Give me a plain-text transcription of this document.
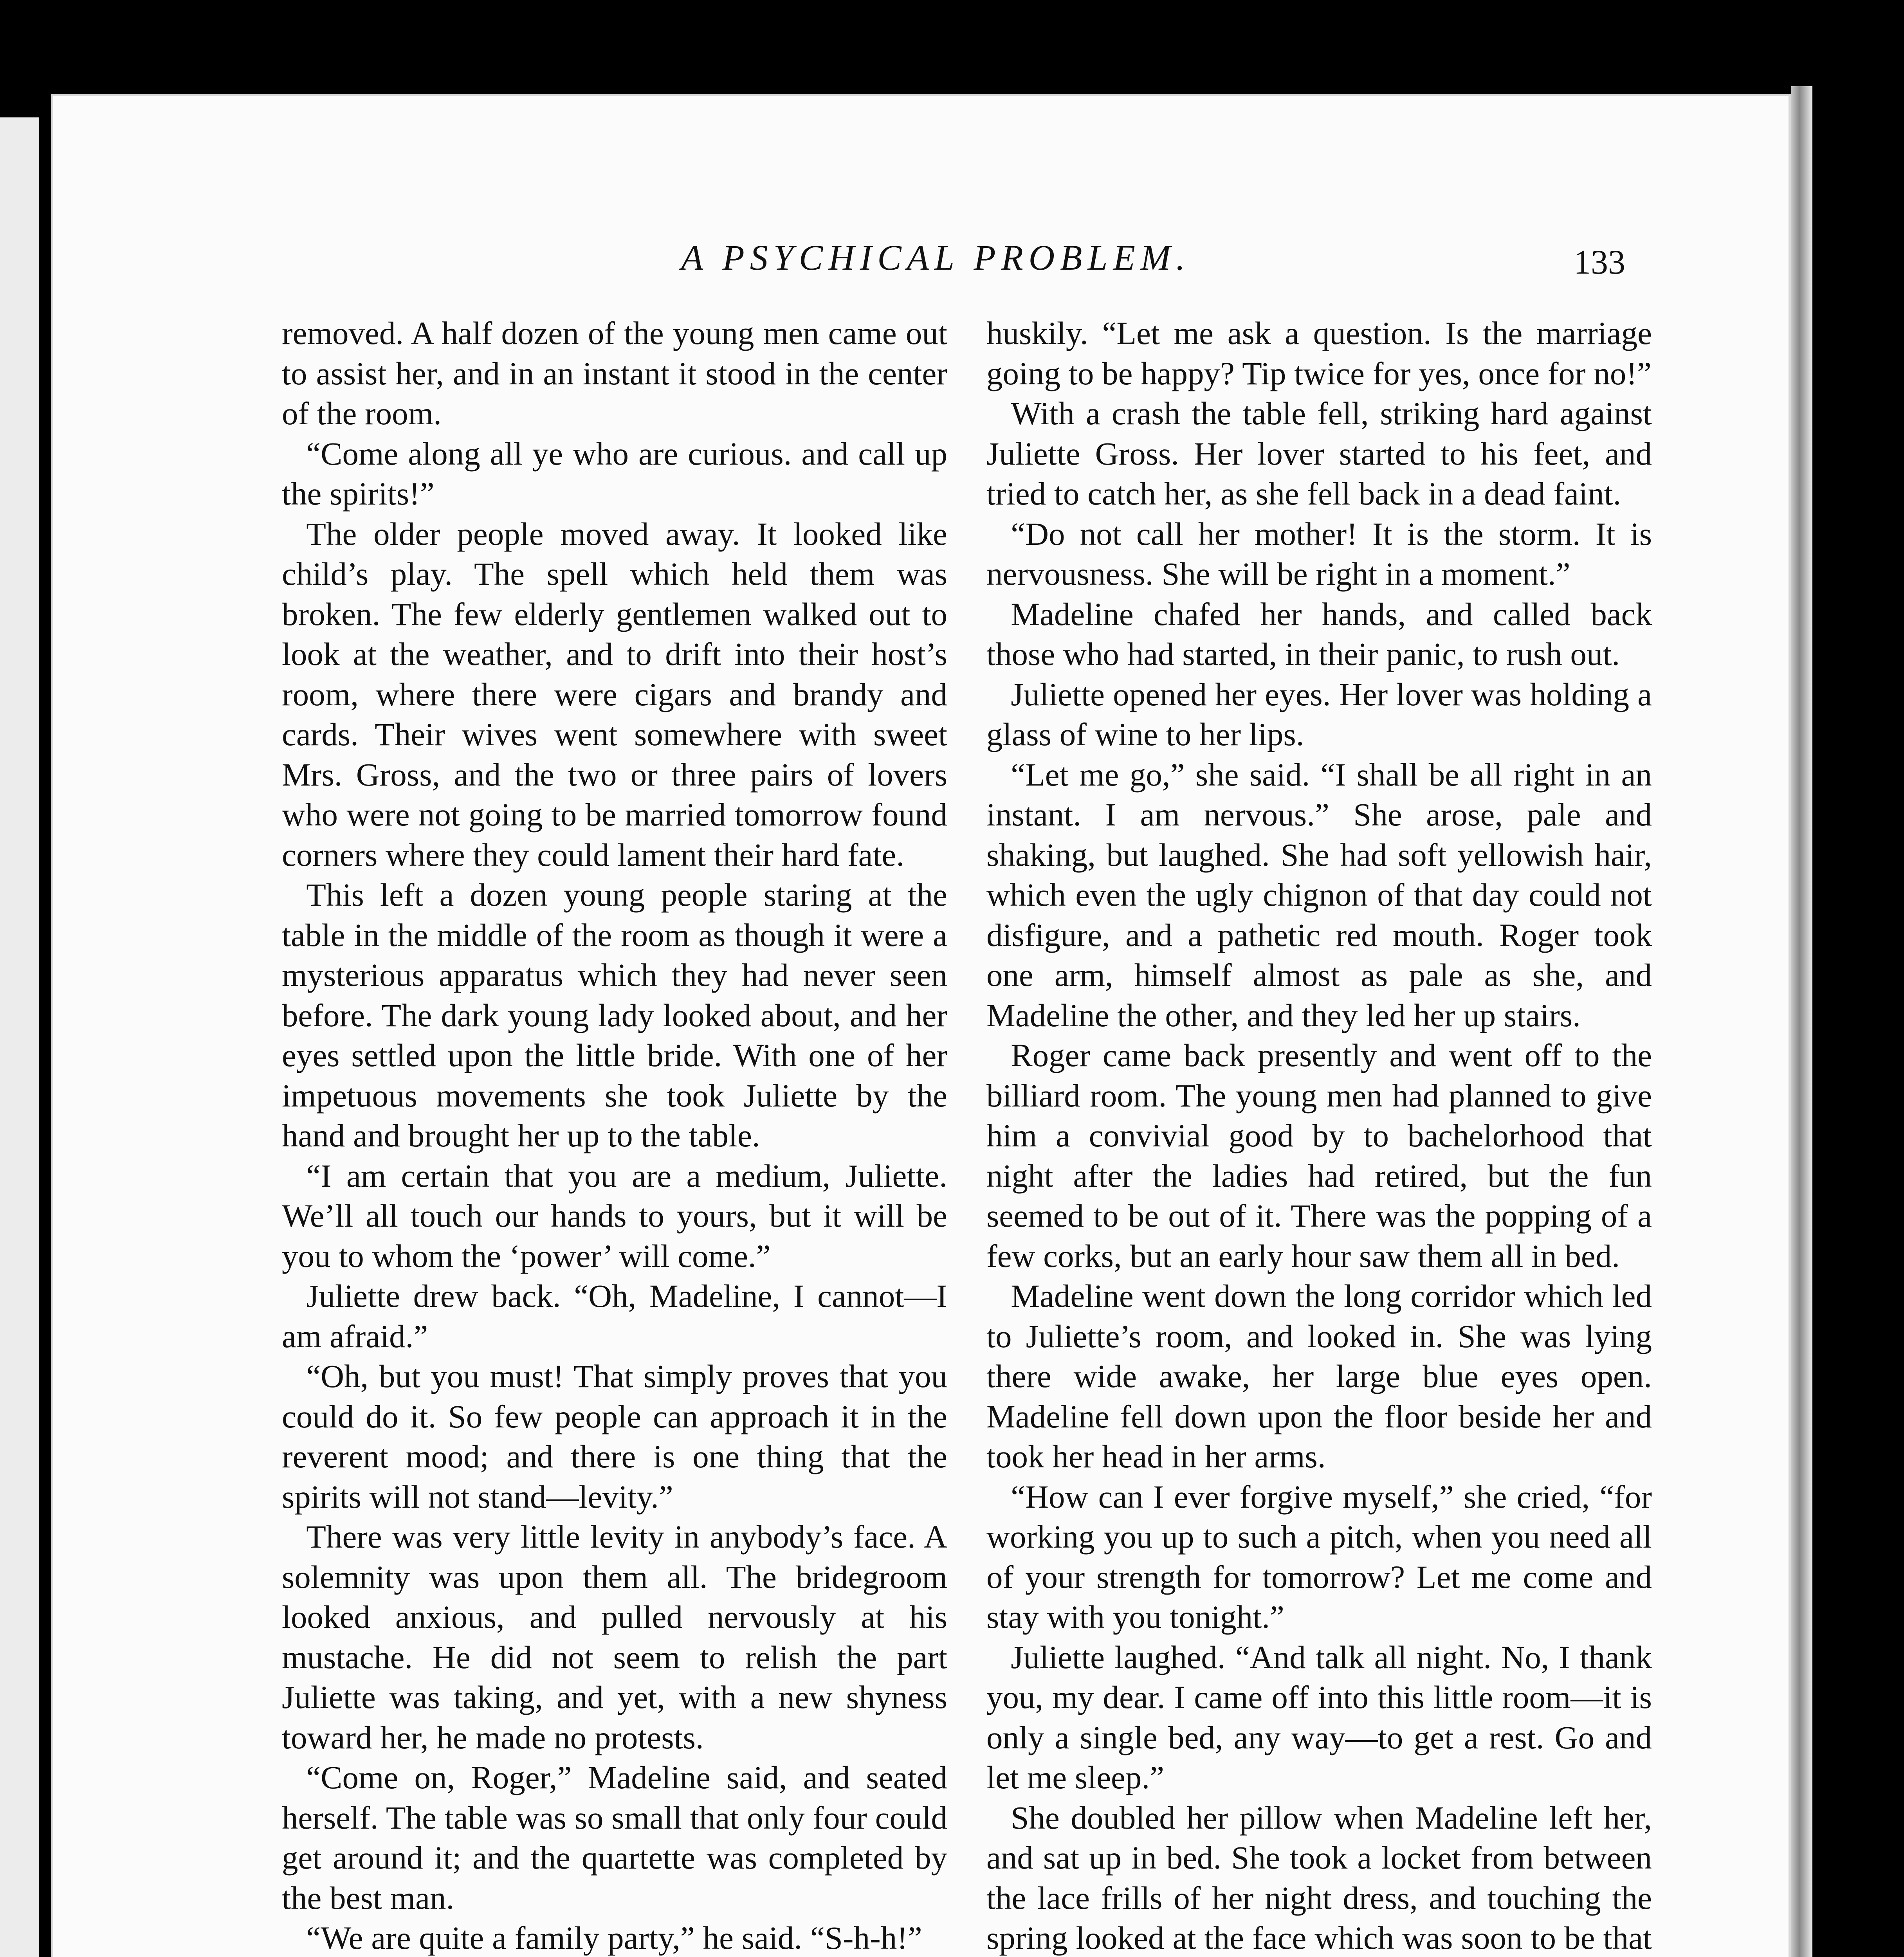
A PSYCHICAL PROBLEM.	133

removed. A half dozen of the young men came out to assist her, and in an instant it stood in the center of the room.

“Come along all ye who are curious. and call up the spirits!”

The older people moved away. It looked like child’s play. The spell which held them was broken. The few elderly gentlemen walked out to look at the weather, and to drift into their host’s room, where there were cigars and brandy and cards. Their wives went somewhere with sweet Mrs. Gross, and the two or three pairs of lovers who were not going to be married tomorrow found corners where they could lament their hard fate.

This left a dozen young people staring at the table in the middle of the room as though it were a mysterious apparatus which they had never seen before. The dark young lady looked about, and her eyes settled upon the little bride. With one of her impetuous movements she took Juliette by the hand and brought her up to the table.

“I am certain that you are a medium, Juliette. We’ll all touch our hands to yours, but it will be you to whom the ‘power’ will come.”

Juliette drew back. “Oh, Madeline, I cannot—I am afraid.”

“Oh, but you must! That simply proves that you could do it. So few people can approach it in the reverent mood; and there is one thing that the spirits will not stand—levity.”

There was very little levity in anybody’s face. A solemnity was upon them all. The bridegroom looked anxious, and pulled nervously at his mustache. He did not seem to relish the part Juliette was taking, and yet, with a new shyness toward her, he made no protests.

“Come on, Roger,” Madeline said, and seated herself. The table was so small that only four could get around it; and the quartette was completed by the best man.

“We are quite a family party,” he said. “S-h-h!”

huskily. “Let me ask a question. Is the marriage going to be happy? Tip twice for yes, once for no!”

With a crash the table fell, striking hard against Juliette Gross. Her lover started to his feet, and tried to catch her, as she fell back in a dead faint.

“Do not call her mother! It is the storm. It is nervousness. She will be right in a moment.”

Madeline chafed her hands, and called back those who had started, in their panic, to rush out.

Juliette opened her eyes. Her lover was holding a glass of wine to her lips.

“Let me go,” she said. “I shall be all right in an instant. I am nervous.” She arose, pale and shaking, but laughed. She had soft yellowish hair, which even the ugly chignon of that day could not disfigure, and a pathetic red mouth. Roger took one arm, himself almost as pale as she, and Madeline the other, and they led her up stairs.

Roger came back presently and went off to the billiard room. The young men had planned to give him a convivial good by to bachelorhood that night after the ladies had retired, but the fun seemed to be out of it. There was the popping of a few corks, but an early hour saw them all in bed.

Madeline went down the long corridor which led to Juliette’s room, and looked in. She was lying there wide awake, her large blue eyes open. Madeline fell down upon the floor beside her and took her head in her arms.

“How can I ever forgive myself,” she cried, “for working you up to such a pitch, when you need all of your strength for tomorrow? Let me come and stay with you tonight.”

Juliette laughed. “And talk all night. No, I thank you, my dear. I came off into this little room—it is only a single bed, any way—to get a rest. Go and let me sleep.”

She doubled her pillow when Madeline left her, and sat up in bed. She took a locket from between the lace frills of her night dress, and touching the spring looked at the face which was soon to be that
